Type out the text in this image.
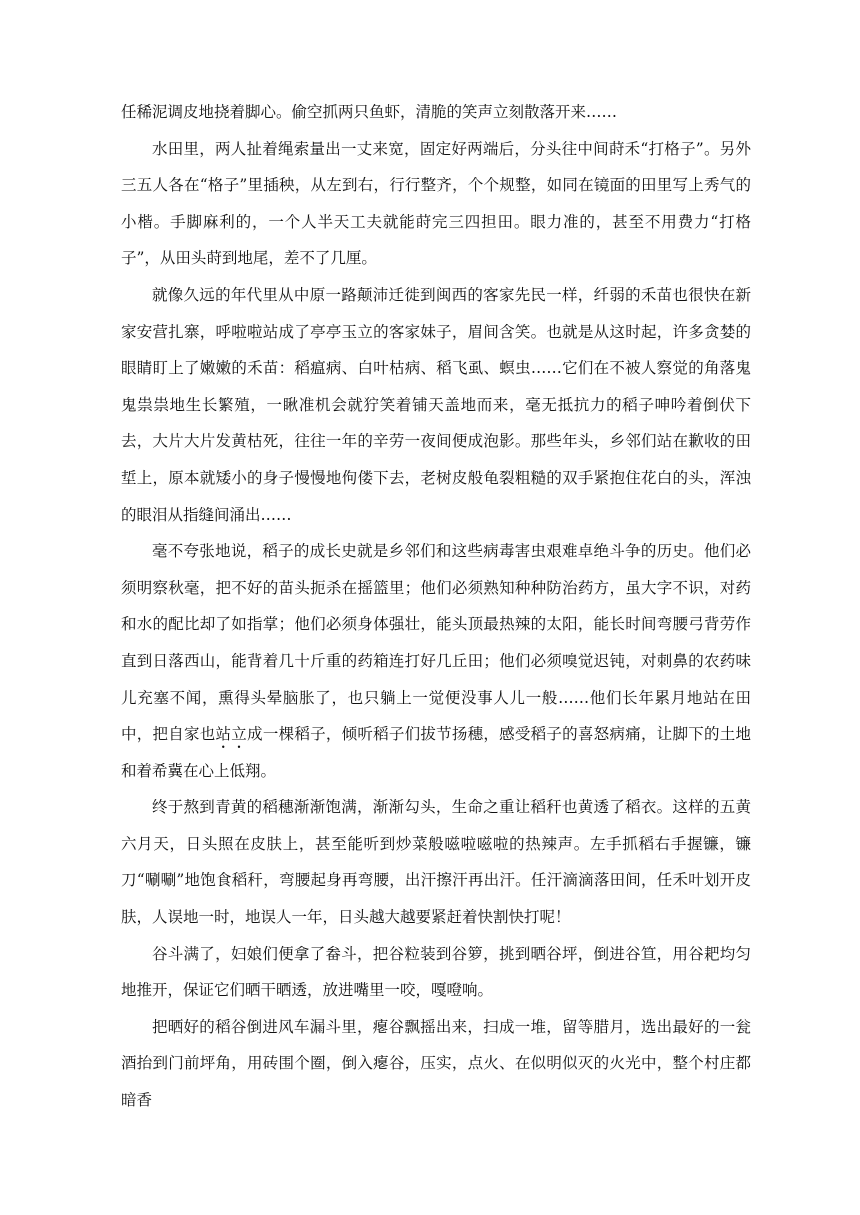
任稀泥调皮地挠着脚心。偷空抓两只鱼虾，清脆的笑声立刻散落开来……

水田里，两人扯着绳索量出一丈来宽，固定好两端后，分头往中间莳禾“打格子”。另外三五人各在“格子”里插秧，从左到右，行行整齐，个个规整，如同在镜面的田里写上秀气的小楷。手脚麻利的，一个人半天工夫就能莳完三四担田。眼力准的，甚至不用费力“打格子”，从田头莳到地尾，差不了几厘。

就像久远的年代里从中原一路颠沛迁徙到闽西的客家先民一样，纤弱的禾苗也很快在新家安营扎寨，呼啦啦站成了亭亭玉立的客家妹子，眉间含笑。也就是从这时起，许多贪婪的眼睛盯上了嫩嫩的禾苗：稻瘟病、白叶枯病、稻飞虱、螟虫……它们在不被人察觉的角落鬼鬼祟祟地生长繁殖，一瞅准机会就狞笑着铺天盖地而来，毫无抵抗力的稻子呻吟着倒伏下去，大片大片发黄枯死，往往一年的辛劳一夜间便成泡影。那些年头，乡邻们站在歉收的田埑上，原本就矮小的身子慢慢地佝偻下去，老树皮般龟裂粗糙的双手紧抱住花白的头，浑浊的眼泪从指缝间涌出……

毫不夸张地说，稻子的成长史就是乡邻们和这些病毒害虫艰难卓绝斗争的历史。他们必须明察秋毫，把不好的苗头扼杀在摇篮里；他们必须熟知种种防治药方，虽大字不识，对药和水的配比却了如指掌；他们必须身体强壮，能头顶最热辣的太阳，能长时间弯腰弓背劳作直到日落西山，能背着几十斤重的药箱连打好几丘田；他们必须嗅觉迟钝，对刺鼻的农药味儿充塞不闻，熏得头晕脑胀了，也只躺上一觉便没事人儿一般……他们长年累月地站在田中，把自家也站立成一棵稻子，倾听稻子们拔节扬穗，感受稻子的喜怒病痛，让脚下的土地和着希冀在心上低翔。

终于熬到青黄的稻穗渐渐饱满，渐渐勾头，生命之重让稻秆也黄透了稻衣。这样的五黄六月天，日头照在皮肤上，甚至能听到炒菜般嗞啦嗞啦的热辣声。左手抓稻右手握镰，镰刀“唰唰”地饱食稻秆，弯腰起身再弯腰，出汗擦汗再出汗。任汗滴滴落田间，任禾叶划开皮肤，人误地一时，地误人一年，日头越大越要紧赶着快割快打呢！

谷斗满了，妇娘们便拿了畚斗，把谷粒装到谷箩，挑到晒谷坪，倒进谷笪，用谷耙均匀地推开，保证它们晒干晒透，放进嘴里一咬，嘎噔响。

把晒好的稻谷倒进风车漏斗里，瘪谷飘摇出来，扫成一堆，留等腊月，选出最好的一瓮酒抬到门前坪角，用砖围个圈，倒入瘪谷，压实，点火、在似明似灭的火光中，整个村庄都暗香
